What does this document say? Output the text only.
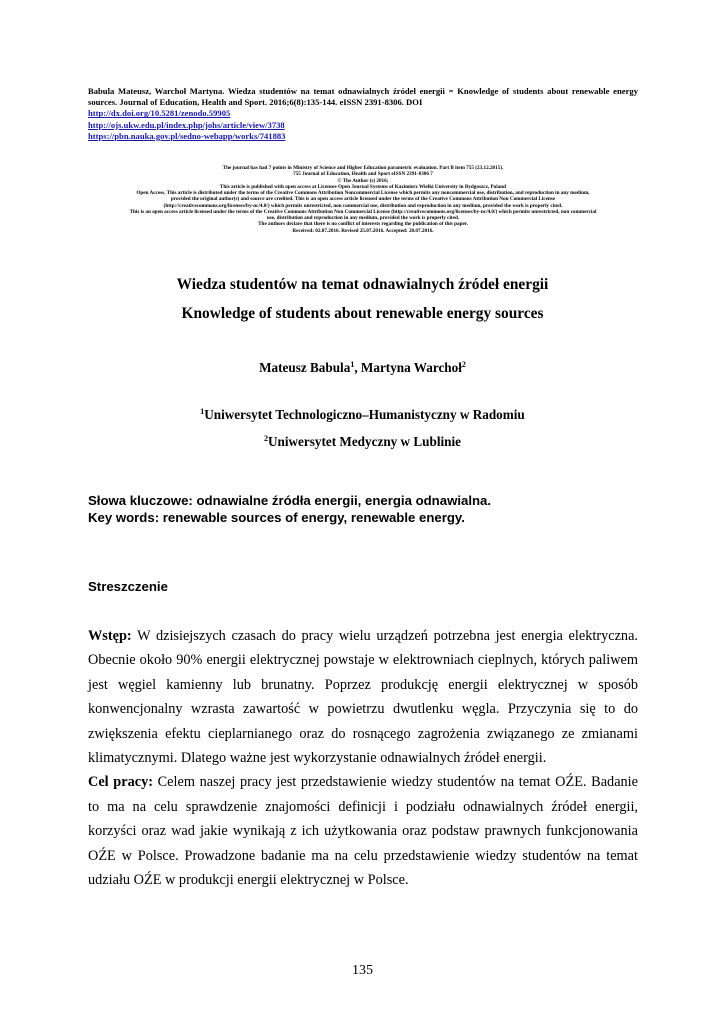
Babula Mateusz, Warchoł Martyna. Wiedza studentów na temat odnawialnych źródeł energii = Knowledge of students about renewable energy sources. Journal of Education, Health and Sport. 2016;6(8):135-144. eISSN 2391-8306. DOI
http://dx.doi.org/10.5281/zenodo.59905
http://ojs.ukw.edu.pl/index.php/johs/article/view/3738
https://pbn.nauka.gov.pl/sedno-webapp/works/741883
The journal has had 7 points in Ministry of Science and Higher Education parametric evaluation. Part B item 755 (23.12.2015).
755 Journal of Education, Health and Sport eISSN 2391-8306 7
© The Author (s) 2016;
This article is published with open access at Licensee Open Journal Systems of Kazimierz Wielki University in Bydgoszcz, Poland
Open Access. This article is distributed under the terms of the Creative Commons Attribution Noncommercial License which permits any noncommercial use, distribution, and reproduction in any medium,
provided the original author(s) and source are credited. This is an open access article licensed under the terms of the Creative Commons Attribution Non Commercial License
(http://creativecommons.org/licenses/by-nc/4.0/) which permits unrestricted, non commercial use, distribution and reproduction in any medium, provided the work is properly cited.
This is an open access article licensed under the terms of the Creative Commons Attribution Non Commercial License (http://creativecommons.org/licenses/by-nc/4.0/) which permits unrestricted, non commercial
use, distribution and reproduction in any medium, provided the work is properly cited.
The authors declare that there is no conflict of interests regarding the publication of this paper.
Received: 02.07.2016. Revised 25.07.2016. Accepted: 28.07.2016.
Wiedza studentów na temat odnawialnych źródeł energii
Knowledge of students about renewable energy sources
Mateusz Babula$^1$, Martyna Warchoł$^2$
$^1$Uniwersytet Technologiczno–Humanistyczny w Radomiu
$^2$Uniwersytet Medyczny w Lublinie
Słowa kluczowe: odnawialne źródła energii, energia odnawialna.
Key words: renewable sources of energy, renewable energy.
Streszczenie

Wstęp: W dzisiejszych czasach do pracy wielu urządzeń potrzebna jest energia elektryczna. Obecnie około 90% energii elektrycznej powstaje w elektrowniach cieplnych, których paliwem jest węgiel kamienny lub brunatny. Poprzez produkcję energii elektrycznej w sposób konwencjonalny wzrasta zawartość w powietrzu dwutlenku węgla. Przyczynia się to do zwiększenia efektu cieplarnianego oraz do rosnącego zagrożenia związanego ze zmianami klimatycznymi. Dlatego ważne jest wykorzystanie odnawialnych źródeł energii.

Cel pracy: Celem naszej pracy jest przedstawienie wiedzy studentów na temat OŹE. Badanie to ma na celu sprawdzenie znajomości definicji i podziału odnawialnych źródeł energii, korzyści oraz wad jakie wynikają z ich użytkowania oraz podstaw prawnych funkcjonowania OŹE w Polsce. Prowadzone badanie ma na celu przedstawienie wiedzy studentów na temat udziału OŹE w produkcji energii elektrycznej w Polsce.

135
